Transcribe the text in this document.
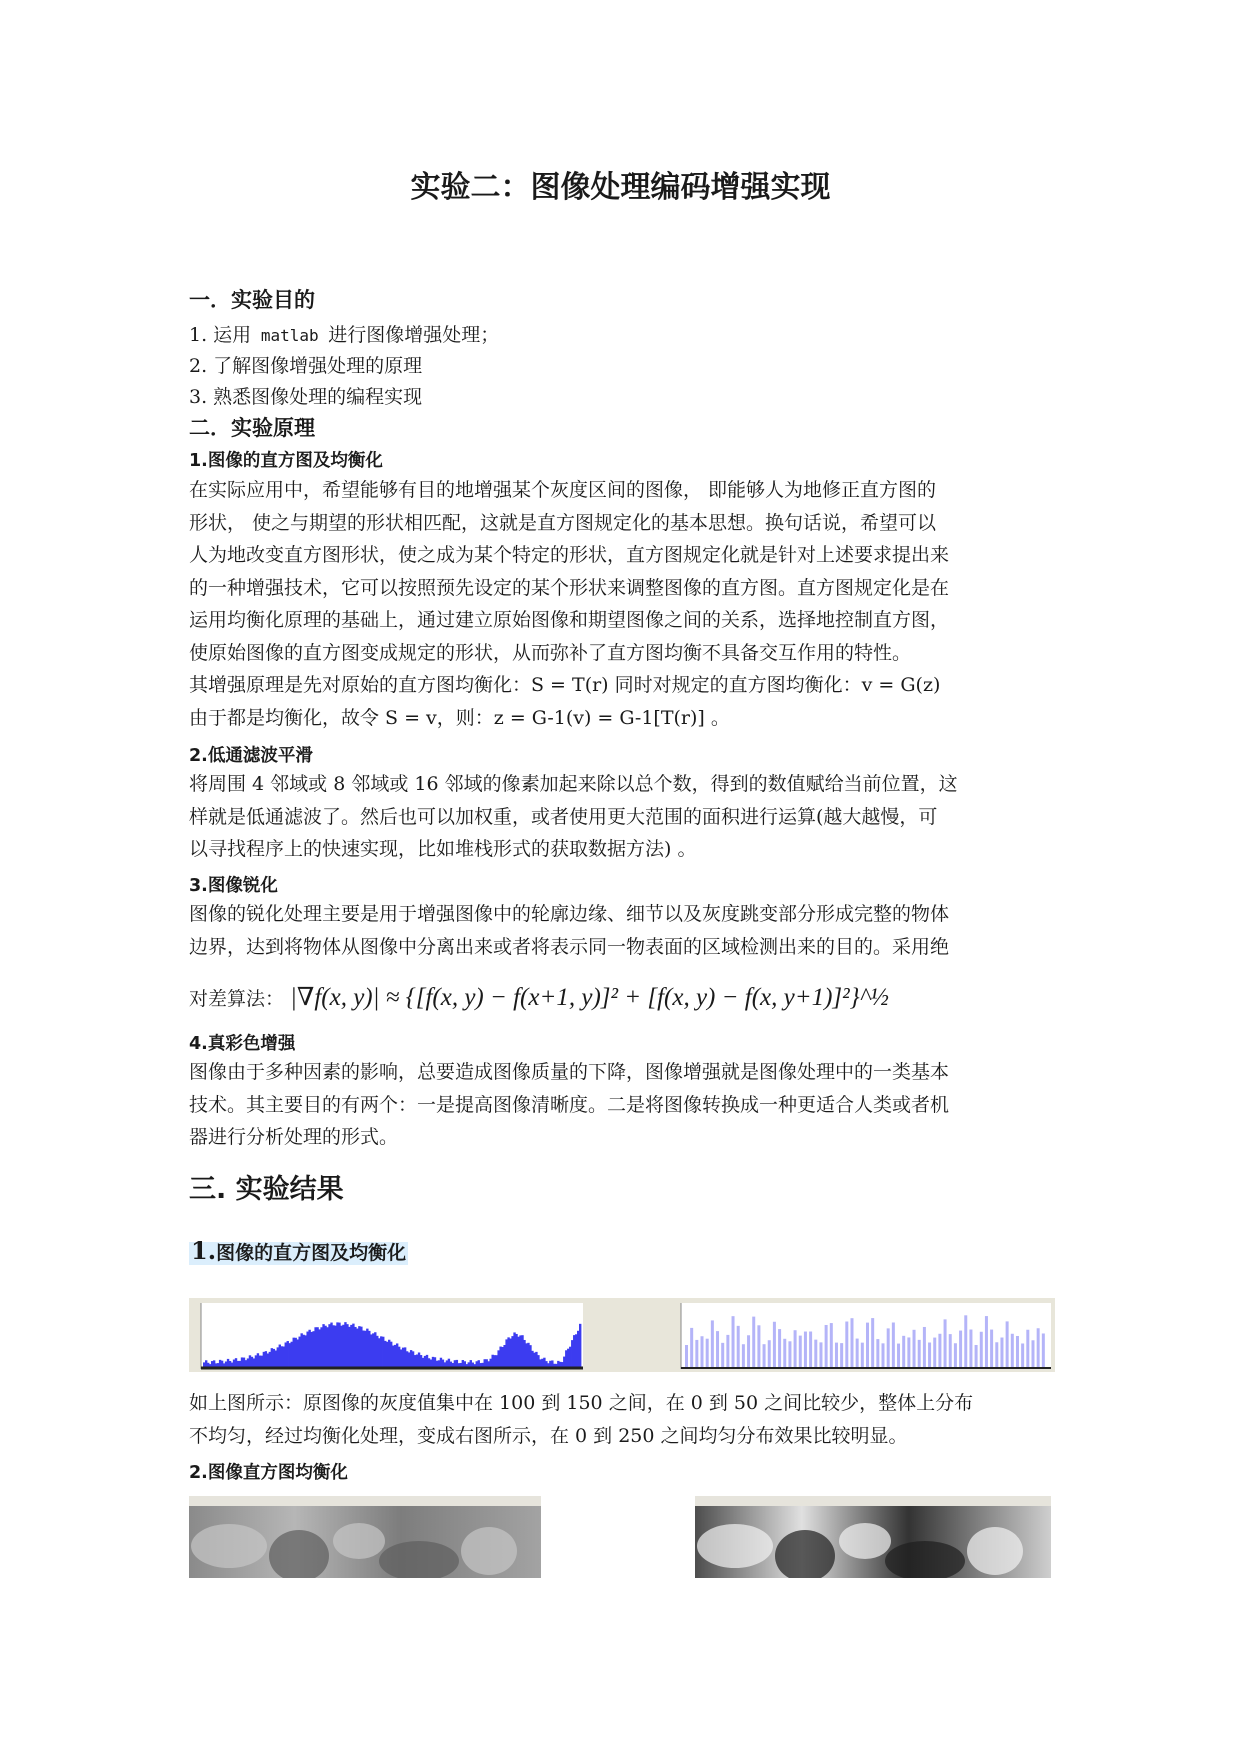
实验二：图像处理编码增强实现
一．实验目的
1. 运用 matlab 进行图像增强处理；
2. 了解图像增强处理的原理
3. 熟悉图像处理的编程实现
二．实验原理
1.图像的直方图及均衡化
在实际应用中，希望能够有目的地增强某个灰度区间的图像， 即能够人为地修正直方图的
形状， 使之与期望的形状相匹配，这就是直方图规定化的基本思想。换句话说，希望可以
人为地改变直方图形状，使之成为某个特定的形状，直方图规定化就是针对上述要求提出来
的一种增强技术，它可以按照预先设定的某个形状来调整图像的直方图。直方图规定化是在
运用均衡化原理的基础上，通过建立原始图像和期望图像之间的关系，选择地控制直方图，
使原始图像的直方图变成规定的形状，从而弥补了直方图均衡不具备交互作用的特性。
其增强原理是先对原始的直方图均衡化：S = T(r) 同时对规定的直方图均衡化：v = G(z)
由于都是均衡化，故令 S = v，则：z = G-1(v) = G-1[T(r)] 。
2.低通滤波平滑
将周围 4 邻域或 8 邻域或 16 邻域的像素加起来除以总个数，得到的数值赋给当前位置，这
样就是低通滤波了。然后也可以加权重，或者使用更大范围的面积进行运算(越大越慢，可
以寻找程序上的快速实现，比如堆栈形式的获取数据方法) 。
3.图像锐化
图像的锐化处理主要是用于增强图像中的轮廓边缘、细节以及灰度跳变部分形成完整的物体
边界，达到将物体从图像中分离出来或者将表示同一物表面的区域检测出来的目的。采用绝
对差算法： |∇f(x, y)| ≈ {[f(x, y) − f(x+1, y)]² + [f(x, y) − f(x, y+1)]²}^½
4.真彩色增强
图像由于多种因素的影响，总要造成图像质量的下降，图像增强就是图像处理中的一类基本
技术。其主要目的有两个：一是提高图像清晰度。二是将图像转换成一种更适合人类或者机
器进行分析处理的形式。
三. 实验结果
1.图像的直方图及均衡化
如上图所示：原图像的灰度值集中在 100 到 150 之间，在 0 到 50 之间比较少，整体上分布
不均匀，经过均衡化处理，变成右图所示，在 0 到 250 之间均匀分布效果比较明显。
2.图像直方图均衡化
